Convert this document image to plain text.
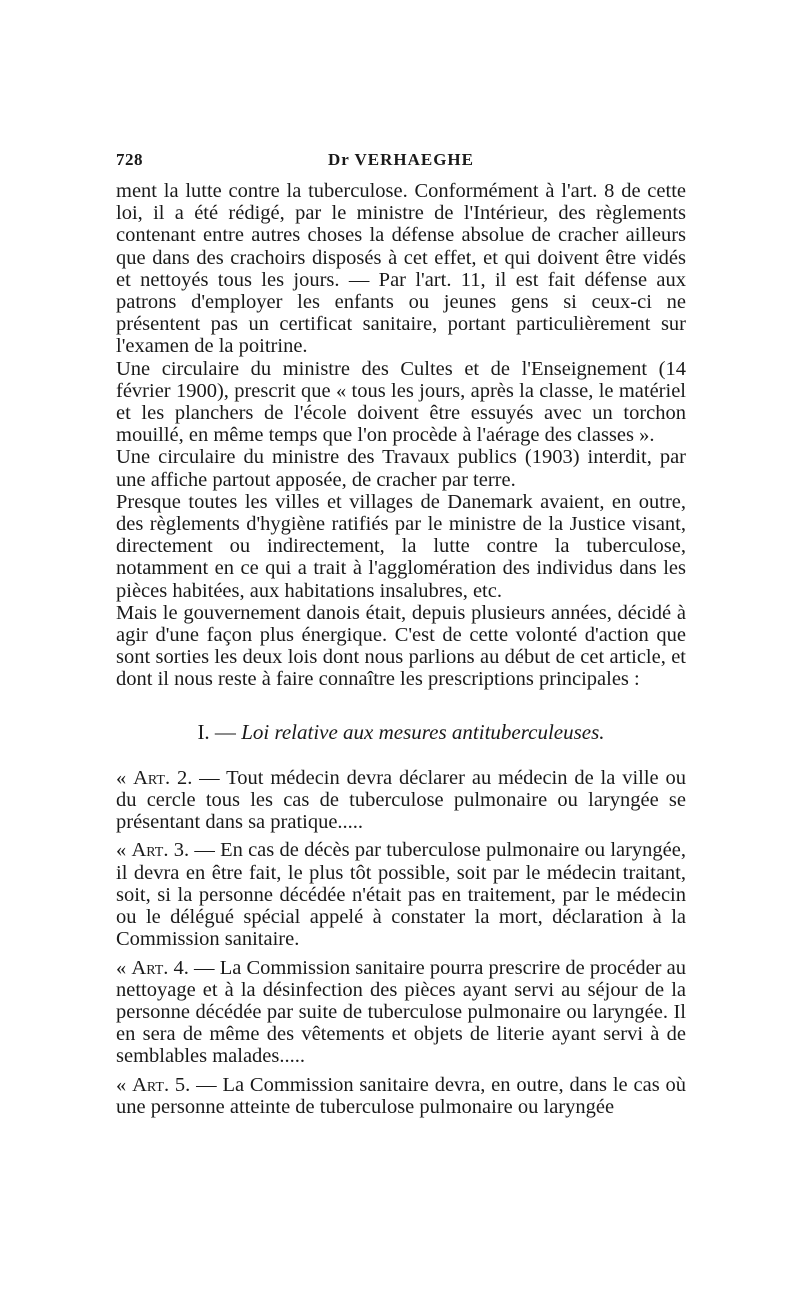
728	Dr VERHAEGHE

ment la lutte contre la tuberculose. Conformément à l'art. 8 de cette loi, il a été rédigé, par le ministre de l'Intérieur, des règlements contenant entre autres choses la défense absolue de cracher ailleurs que dans des crachoirs disposés à cet effet, et qui doivent être vidés et nettoyés tous les jours. — Par l'art. 11, il est fait défense aux patrons d'employer les enfants ou jeunes gens si ceux-ci ne présentent pas un certificat sanitaire, portant particulièrement sur l'examen de la poitrine.

Une circulaire du ministre des Cultes et de l'Enseignement (14 février 1900), prescrit que « tous les jours, après la classe, le matériel et les planchers de l'école doivent être essuyés avec un torchon mouillé, en même temps que l'on procède à l'aérage des classes ».

Une circulaire du ministre des Travaux publics (1903) interdit, par une affiche partout apposée, de cracher par terre.

Presque toutes les villes et villages de Danemark avaient, en outre, des règlements d'hygiène ratifiés par le ministre de la Justice visant, directement ou indirectement, la lutte contre la tuberculose, notamment en ce qui a trait à l'agglomération des individus dans les pièces habitées, aux habitations insalubres, etc.

Mais le gouvernement danois était, depuis plusieurs années, décidé à agir d'une façon plus énergique. C'est de cette volonté d'action que sont sorties les deux lois dont nous parlions au début de cet article, et dont il nous reste à faire connaître les prescriptions principales :

I. — Loi relative aux mesures antituberculeuses.

« Art. 2. — Tout médecin devra déclarer au médecin de la ville ou du cercle tous les cas de tuberculose pulmonaire ou laryngée se présentant dans sa pratique.....

« Art. 3. — En cas de décès par tuberculose pulmonaire ou laryngée, il devra en être fait, le plus tôt possible, soit par le médecin traitant, soit, si la personne décédée n'était pas en traitement, par le médecin ou le délégué spécial appelé à constater la mort, déclaration à la Commission sanitaire.

« Art. 4. — La Commission sanitaire pourra prescrire de procéder au nettoyage et à la désinfection des pièces ayant servi au séjour de la personne décédée par suite de tuberculose pulmonaire ou laryngée. Il en sera de même des vêtements et objets de literie ayant servi à de semblables malades.....

« Art. 5. — La Commission sanitaire devra, en outre, dans le cas où une personne atteinte de tuberculose pulmonaire ou laryngée
